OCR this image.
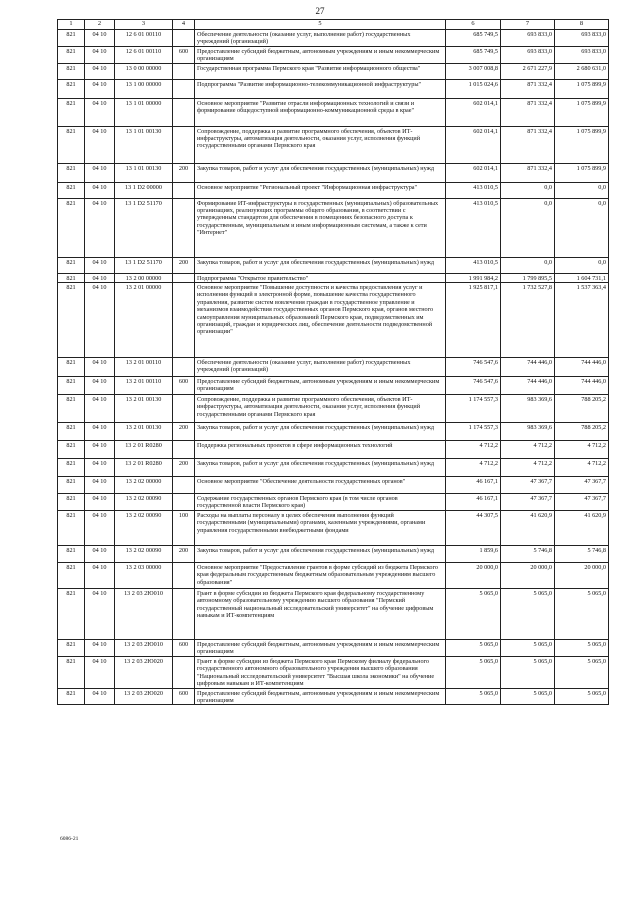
27
1	2	3	4	5	6	7	8
821	04 10	12 6 01 00110		Обеспечение деятельности (оказание услуг, выполнение работ) государственных учреждений (организаций)	685 749,5	693 833,0	693 833,0
821	04 10	12 6 01 00110	600	Предоставление субсидий бюджетным, автономным учреждениям и иным некоммерческим организациям	685 749,5	693 833,0	693 833,0
821	04 10	13 0 00 00000		Государственная программа Пермского края "Развитие информационного общества"	3 007 008,8	2 671 227,9	2 680 631,0
821	04 10	13 1 00 00000		Подпрограмма "Развитие информационно-телекоммуникационной инфраструктуры"	1 015 024,6	871 332,4	1 075 899,9
821	04 10	13 1 01 00000		Основное мероприятие "Развитие отрасли информационных технологий и связи и формирование общедоступной информационно-коммуникационной среды в крае"	602 014,1	871 332,4	1 075 899,9
821	04 10	13 1 01 00130		Сопровождение, поддержка и развитие программного обеспечения, объектов ИТ-инфраструктуры, автоматизация деятельности, оказания услуг, исполнения функций государственными органами Пермского края	602 014,1	871 332,4	1 075 899,9
821	04 10	13 1 01 00130	200	Закупка товаров, работ и услуг для обеспечения государственных (муниципальных) нужд	602 014,1	871 332,4	1 075 899,9
821	04 10	13 1 D2 00000		Основное мероприятие "Региональный проект "Информационная инфраструктура"	413 010,5	0,0	0,0
821	04 10	13 1 D2 51170		Формирование ИТ-инфраструктуры в государственных (муниципальных) образовательных организациях, реализующих программы общего образования, в соответствии с утвержденным стандартом для обеспечения в помещениях безопасного доступа к государственным, муниципальным и иным информационным системам, а также к сети "Интернет"	413 010,5	0,0	0,0
821	04 10	13 1 D2 51170	200	Закупка товаров, работ и услуг для обеспечения государственных (муниципальных) нужд	413 010,5	0,0	0,0
821	04 10	13 2 00 00000		Подпрограмма "Открытое правительство"	1 991 984,2	1 799 895,5	1 604 731,1
821	04 10	13 2 01 00000		Основное мероприятие "Повышение доступности и качества предоставления услуг и исполнения функций в электронной форме, повышение качества государственного управления, развитие систем вовлечения граждан в государственное управление и механизмов взаимодействия государственных органов Пермского края, органов местного самоуправления муниципальных образований Пермского края, подведомственных им организаций, граждан и юридических лиц, обеспечение деятельности подведомственной организации"	1 925 817,1	1 732 527,8	1 537 363,4
821	04 10	13 2 01 00110		Обеспечение деятельности (оказание услуг, выполнение работ) государственных учреждений (организаций)	746 547,6	744 446,0	744 446,0
821	04 10	13 2 01 00110	600	Предоставление субсидий бюджетным, автономным учреждениям и иным некоммерческим организациям	746 547,6	744 446,0	744 446,0
821	04 10	13 2 01 00130		Сопровождение, поддержка и развитие программного обеспечения, объектов ИТ-инфраструктуры, автоматизация деятельности, оказания услуг, исполнения функций государственными органами Пермского края	1 174 557,3	983 369,6	788 205,2
821	04 10	13 2 01 00130	200	Закупка товаров, работ и услуг для обеспечения государственных (муниципальных) нужд	1 174 557,3	983 369,6	788 205,2
821	04 10	13 2 01 R0280		Поддержка региональных проектов в сфере информационных технологий	4 712,2	4 712,2	4 712,2
821	04 10	13 2 01 R0280	200	Закупка товаров, работ и услуг для обеспечения государственных (муниципальных) нужд	4 712,2	4 712,2	4 712,2
821	04 10	13 2 02 00000		Основное мероприятие "Обеспечение деятельности государственных органов"	46 167,1	47 367,7	47 367,7
821	04 10	13 2 02 00090		Содержание государственных органов Пермского края (в том числе органов государственной власти Пермского края)	46 167,1	47 367,7	47 367,7
821	04 10	13 2 02 00090	100	Расходы на выплаты персоналу в целях обеспечения выполнения функций государственными (муниципальными) органами, казенными учреждениями, органами управления государственными внебюджетными фондами	44 307,5	41 620,9	41 620,9
821	04 10	13 2 02 00090	200	Закупка товаров, работ и услуг для обеспечения государственных (муниципальных) нужд	1 859,6	5 746,8	5 746,8
821	04 10	13 2 03 00000		Основное мероприятие "Предоставление грантов в форме субсидий из бюджета Пермского края федеральным государственным бюджетным образовательным учреждениям высшего образования"	20 000,0	20 000,0	20 000,0
821	04 10	13 2 03 2Ю010		Грант в форме субсидии из бюджета Пермского края федеральному государственному автономному образовательному учреждению высшего образования "Пермский государственный национальный исследовательский университет" на обучение цифровым навыкам и ИТ-компетенциям	5 065,0	5 065,0	5 065,0
821	04 10	13 2 03 2Ю010	600	Предоставление субсидий бюджетным, автономным учреждениям и иным некоммерческим организациям	5 065,0	5 065,0	5 065,0
821	04 10	13 2 03 2Ю020		Грант в форме субсидии из бюджета Пермского края Пермскому филиалу федерального государственного автономного образовательного учреждения высшего образования "Национальный исследовательский университет "Высшая школа экономики" на обучение цифровым навыкам и ИТ-компетенциям	5 065,0	5 065,0	5 065,0
821	04 10	13 2 03 2Ю020	600	Предоставление субсидий бюджетным, автономным учреждениям и иным некоммерческим организациям	5 065,0	5 065,0	5 065,0
6086-21
